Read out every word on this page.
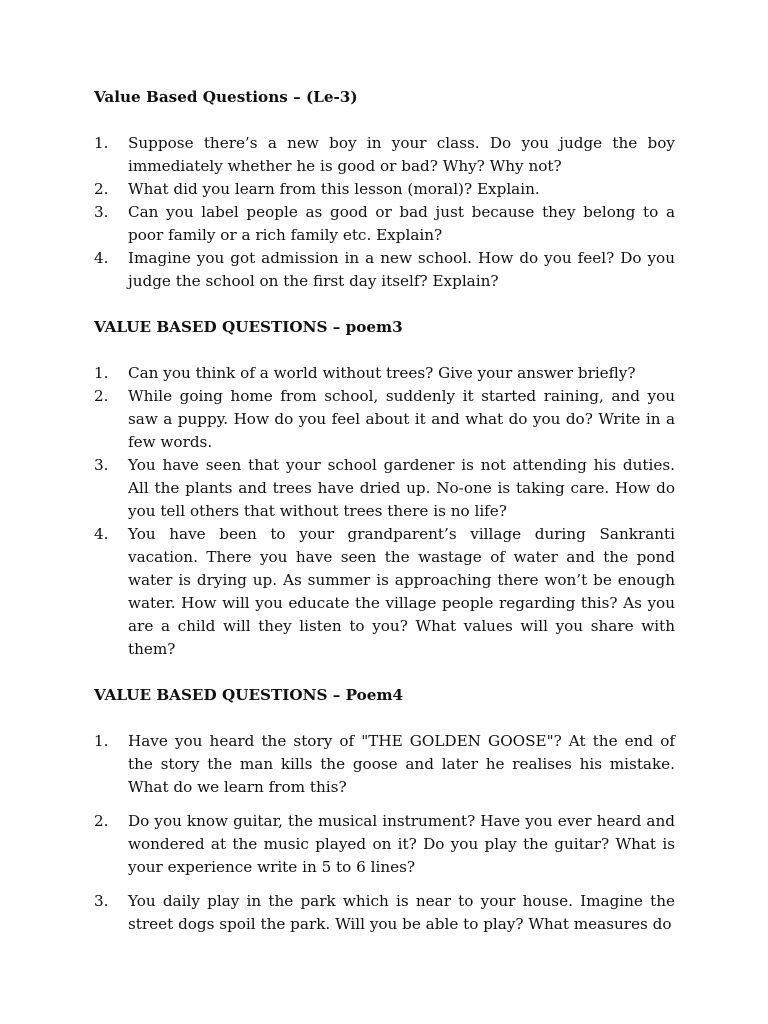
Value Based Questions – (Le-3)
1. Suppose there’s a new boy in your class. Do you judge the boy immediately whether he is good or bad? Why? Why not?
2. What did you learn from this lesson (moral)? Explain.
3. Can you label people as good or bad just because they belong to a poor family or a rich family etc. Explain?
4. Imagine you got admission in a new school. How do you feel? Do you judge the school on the first day itself? Explain?
VALUE BASED QUESTIONS – poem3
1. Can you think of a world without trees? Give your answer briefly?
2. While going home from school, suddenly it started raining, and you saw a puppy. How do you feel about it and what do you do? Write in a few words.
3. You have seen that your school gardener is not attending his duties. All the plants and trees have dried up. No-one is taking care. How do you tell others that without trees there is no life?
4. You have been to your grandparent’s village during Sankranti vacation. There you have seen the wastage of water and the pond water is drying up. As summer is approaching there won’t be enough water. How will you educate the village people regarding this? As you are a child will they listen to you? What values will you share with them?
VALUE BASED QUESTIONS – Poem4
1. Have you heard the story of "THE GOLDEN GOOSE"? At the end of the story the man kills the goose and later he realises his mistake. What do we learn from this?
2. Do you know guitar, the musical instrument? Have you ever heard and wondered at the music played on it? Do you play the guitar? What is your experience write in 5 to 6 lines?
3. You daily play in the park which is near to your house. Imagine the street dogs spoil the park. Will you be able to play? What measures do
